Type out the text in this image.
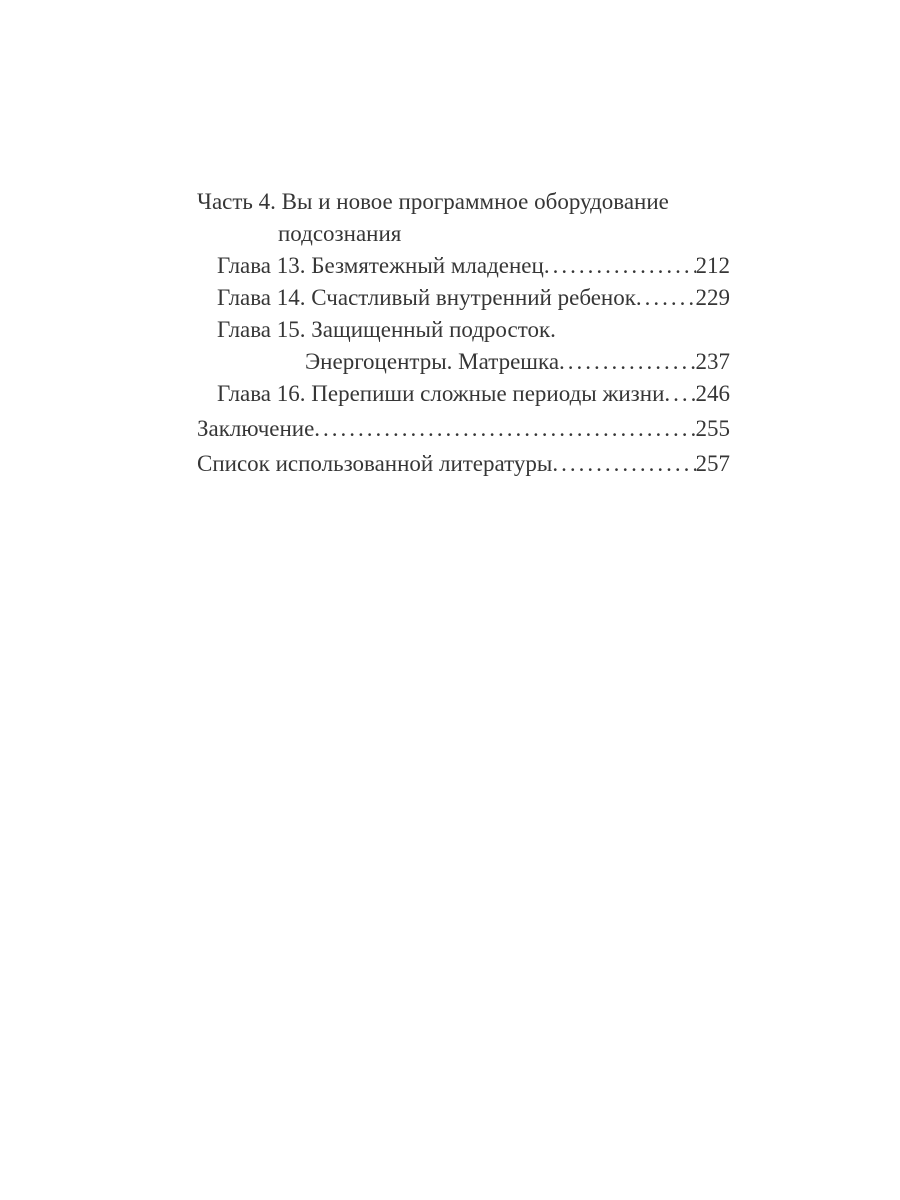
Часть 4. Вы и новое программное оборудование
подсознания
Глава 13. Безмятежный младенец .....	212
Глава 14. Счастливый внутренний ребенок .....	229
Глава 15. Защищенный подросток.
Энергоцентры. Матрешка .....	237
Глава 16. Перепиши сложные периоды жизни ..... 246
Заключение .....	255
Список использованной литературы .....	257
